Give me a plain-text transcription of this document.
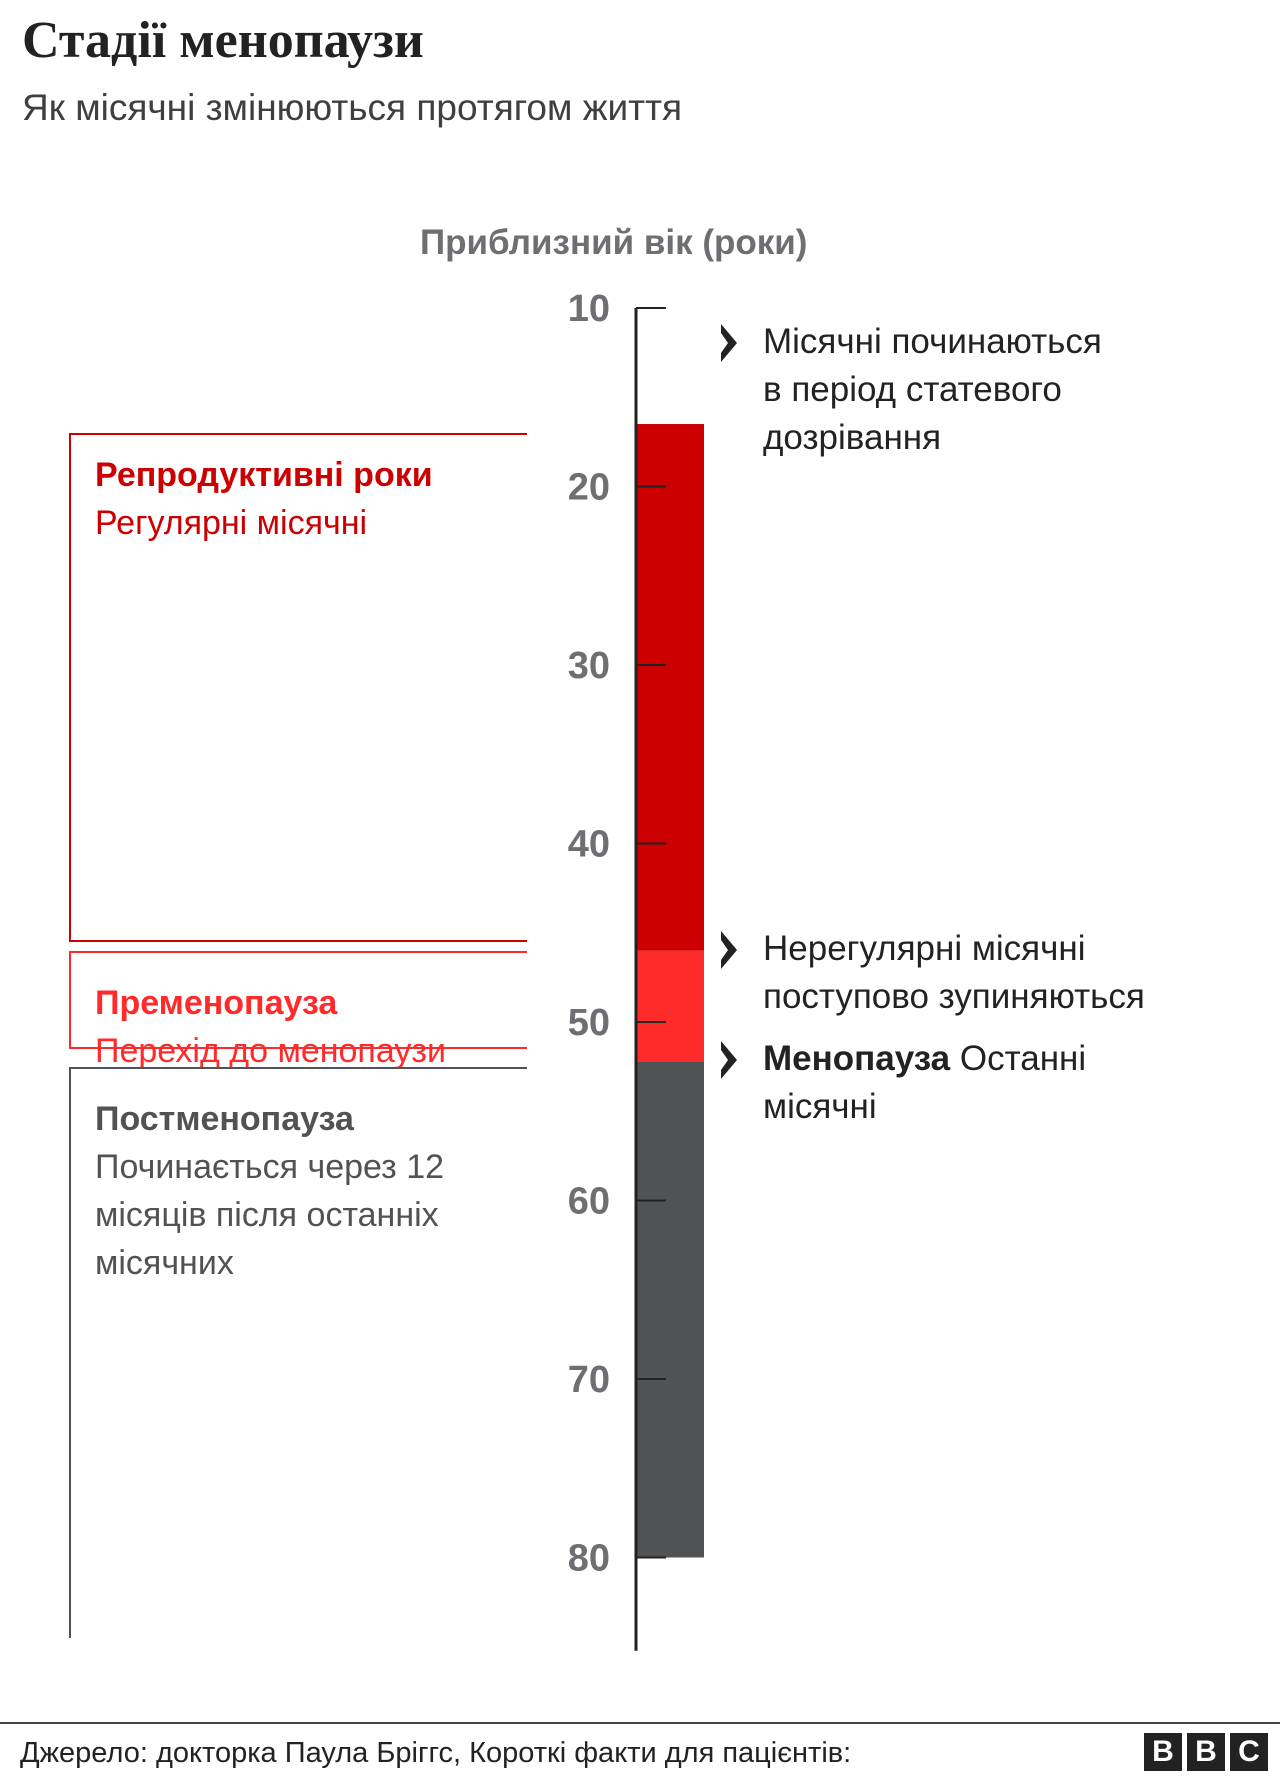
Стадії менопаузи
Як місячні змінюються протягом життя
Приблизний вік (роки)
10
20
30
40
50
60
70
80
Репродуктивні роки
Регулярні місячні
Пременопауза
Перехід до менопаузи
Постменопауза
Починається через 12
місяців після останніх
місячних
Місячні починаються
в період статевого
дозрівання
Нерегулярні місячні
поступово зупиняються
Менопауза Останні
місячні
Джерело: докторка Паула Бріггс, Короткі факти для пацієнтів:	B B C
